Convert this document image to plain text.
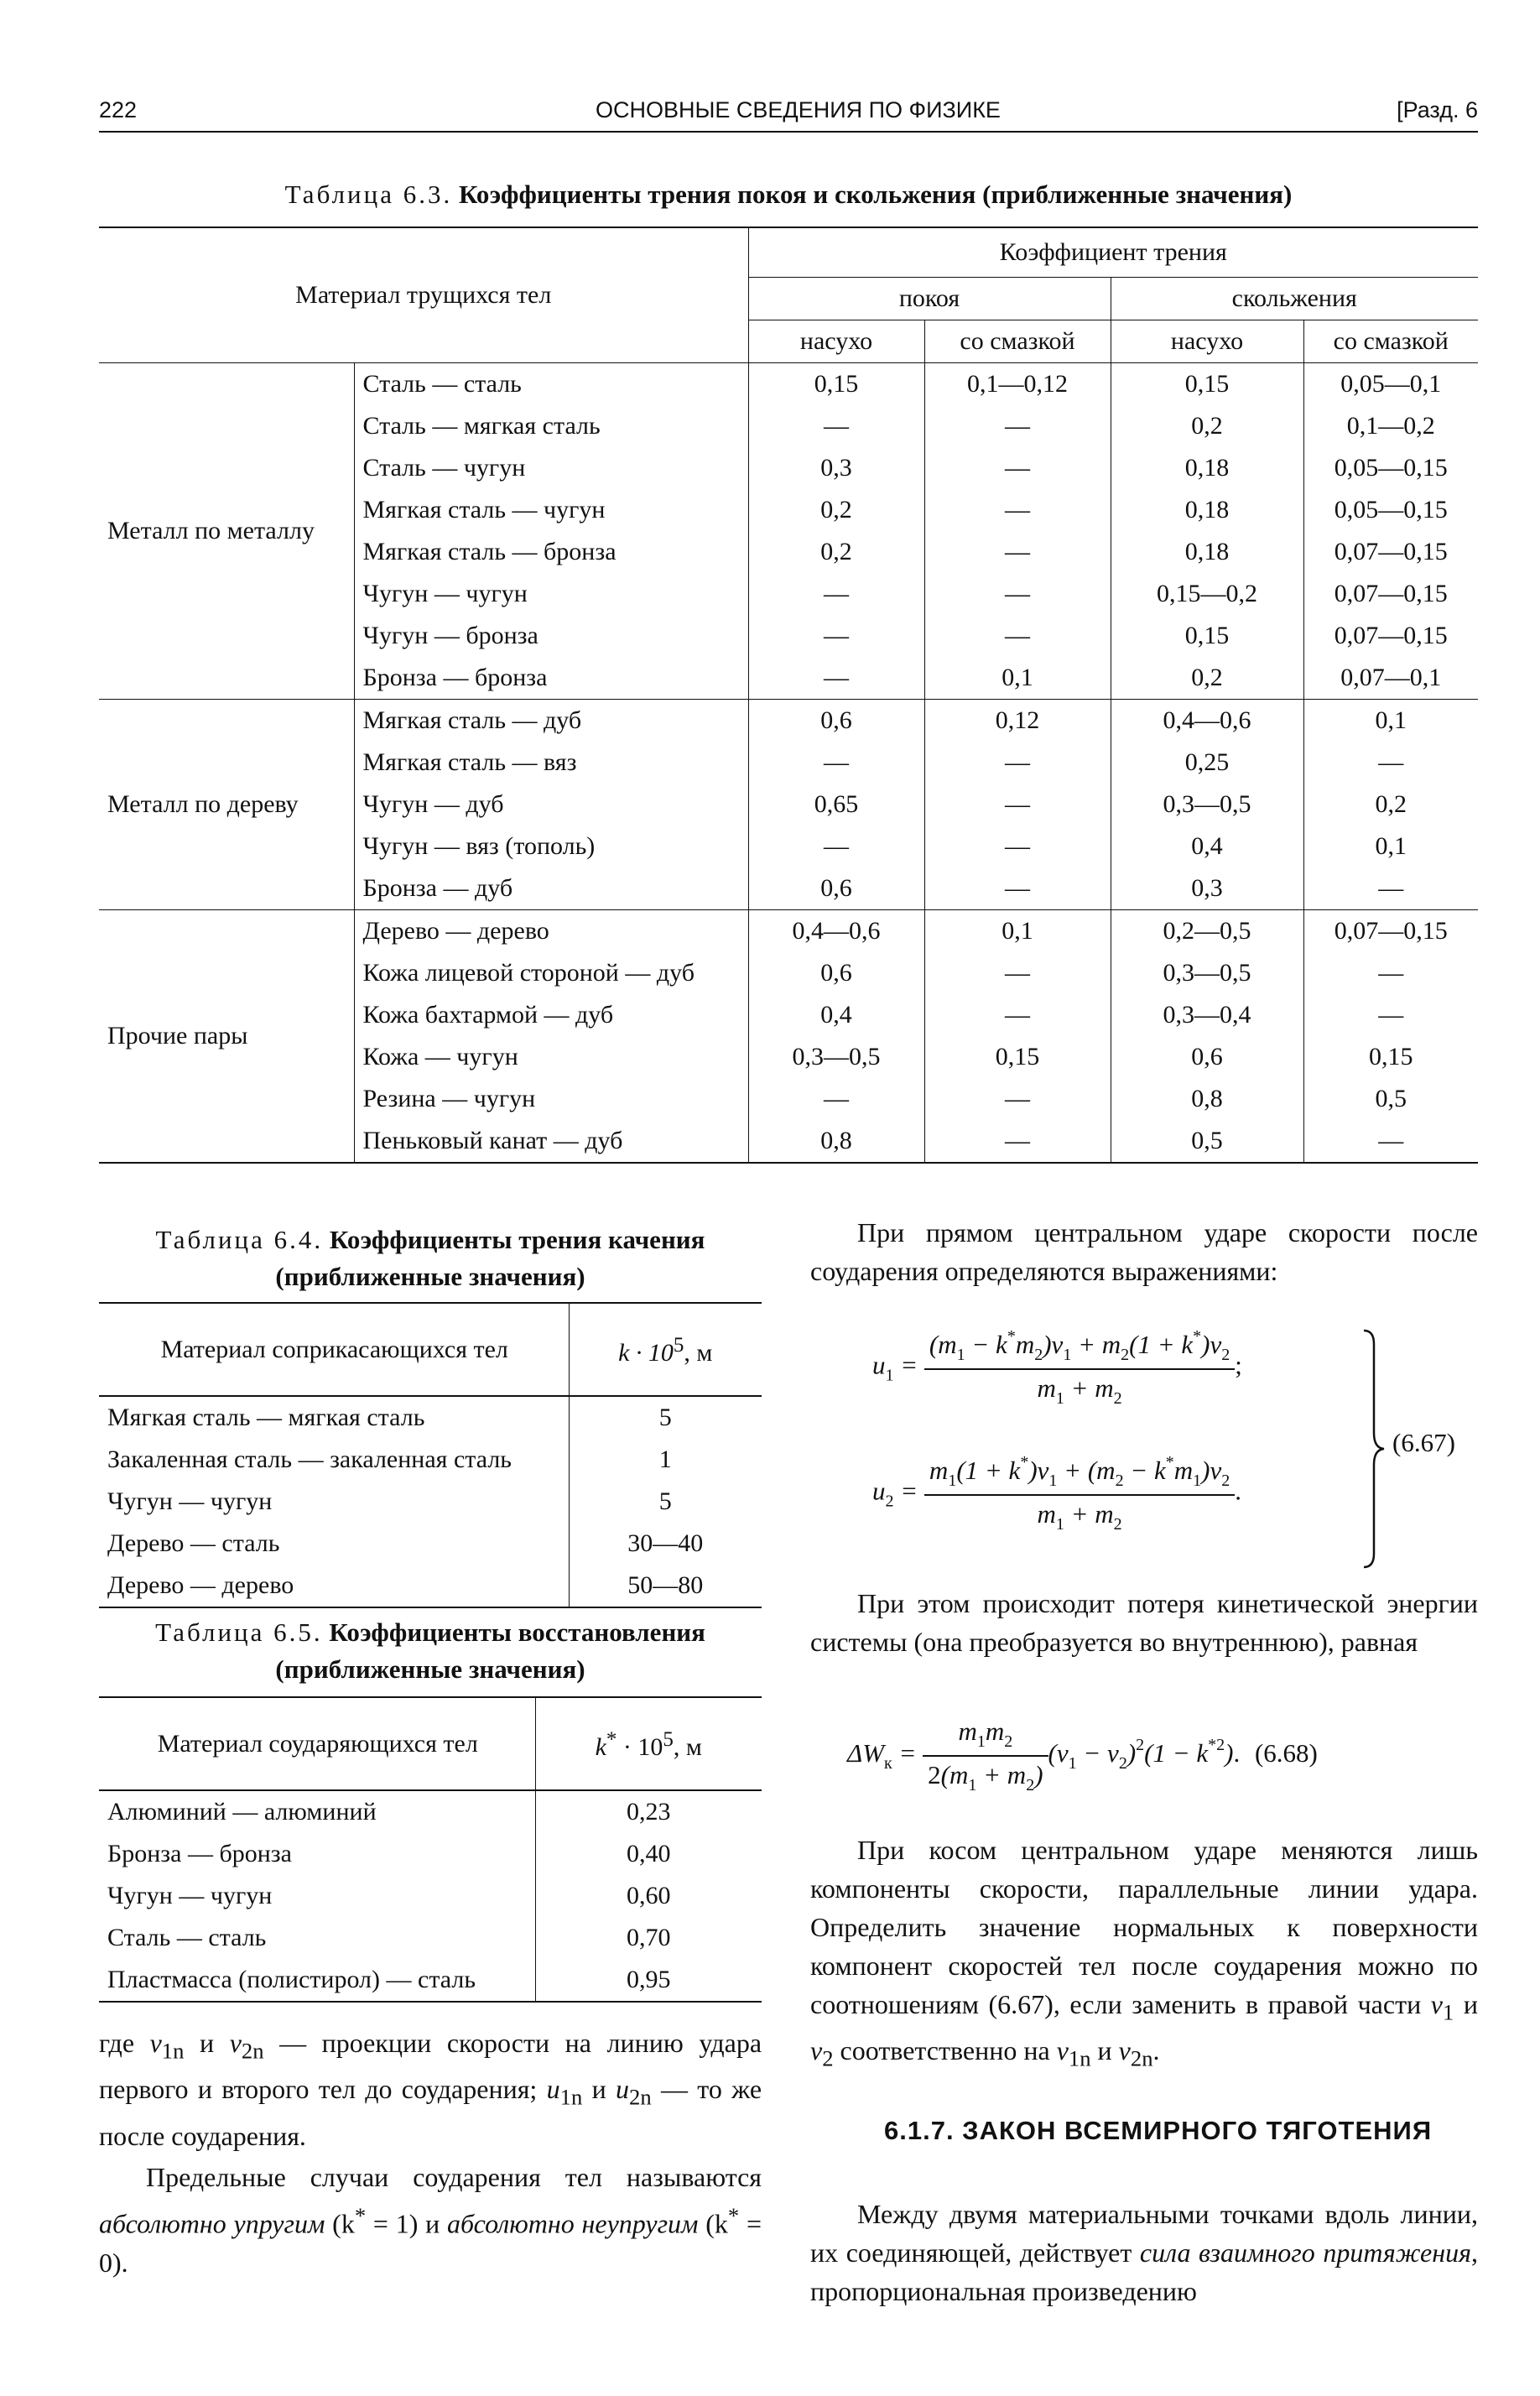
222	ОСНОВНЫЕ СВЕДЕНИЯ ПО ФИЗИКЕ	[Разд. 6
Таблица 6.3. Коэффициенты трения покоя и скольжения (приближенные значения)
Материал трущихся тел		Коэффициент трения			
		покоя		скольжения	
		насухо	со смазкой	насухо	со смазкой
Металл по металлу	Сталь — сталь	0,15	0,1—0,12	0,15	0,05—0,1
	Сталь — мягкая сталь	—	—	0,2	0,1—0,2
	Сталь — чугун	0,3	—	0,18	0,05—0,15
	Мягкая сталь — чугун	0,2	—	0,18	0,05—0,15
	Мягкая сталь — бронза	0,2	—	0,18	0,07—0,15
	Чугун — чугун	—	—	0,15—0,2	0,07—0,15
	Чугун — бронза	—	—	0,15	0,07—0,15
	Бронза — бронза	—	0,1	0,2	0,07—0,1
Металл по дереву	Мягкая сталь — дуб	0,6	0,12	0,4—0,6	0,1
	Мягкая сталь — вяз	—	—	0,25	—
	Чугун — дуб	0,65	—	0,3—0,5	0,2
	Чугун — вяз (тополь)	—	—	0,4	0,1
	Бронза — дуб	0,6	—	0,3	—
Прочие пары	Дерево — дерево	0,4—0,6	0,1	0,2—0,5	0,07—0,15
	Кожа лицевой стороной — дуб	0,6	—	0,3—0,5	—
	Кожа бахтармой — дуб	0,4	—	0,3—0,4	—
	Кожа — чугун	0,3—0,5	0,15	0,6	0,15
	Резина — чугун	—	—	0,8	0,5
	Пеньковый канат — дуб	0,8	—	0,5	—
Таблица 6.4. Коэффициенты трения качения
(приближенные значения)
Материал соприкасающихся тел	$k \cdot 10^5$, м
Мягкая сталь — мягкая сталь	5
Закаленная сталь — закаленная сталь	1
Чугун — чугун	5
Дерево — сталь	30—40
Дерево — дерево	50—80
Таблица 6.5. Коэффициенты восстановления
(приближенные значения)
Материал соударяющихся тел	$k^* \cdot 10^5$, м
Алюминий — алюминий	0,23
Бронза — бронза	0,40
Чугун — чугун	0,60
Сталь — сталь	0,70
Пластмасса (полистирол) — сталь	0,95
где $v_{1n}$ и $v_{2n}$ — проекции скорости на линию удара первого и второго тел до соударения; $u_{1n}$ и $u_{2n}$ — то же после соударения.
Предельные случаи соударения тел называются абсолютно упругим (k* = 1) и абсолютно неупругим (k* = 0).
При прямом центральном ударе скорости после соударения определяются выражениями:
$u_1 = \frac{(m_1 - k^*m_2)v_1 + m_2(1 + k^*)v_2}{m_1 + m_2}$ ;
$u_2 = \frac{m_1(1 + k^*)v_1 + (m_2 - k^*m_1)v_2}{m_1 + m_2}$ .
(6.67)
При этом происходит потеря кинетической энергии системы (она преобразуется во внутреннюю), равная
$\Delta W_к = \frac{m_1m_2}{2(m_1 + m_2)} (v_1 - v_2)^2(1 - k^{*2})$. (6.68)
При косом центральном ударе меняются лишь компоненты скорости, параллельные линии удара. Определить значение нормальных к поверхности компонент скоростей тел после соударения можно по соотношениям (6.67), если заменить в правой части $v_1$ и $v_2$ соответственно на $v_{1n}$ и $v_{2n}$.
6.1.7. ЗАКОН ВСЕМИРНОГО ТЯГОТЕНИЯ
Между двумя материальными точками вдоль линии, их соединяющей, действует сила взаимного притяжения, пропорциональная произведению
